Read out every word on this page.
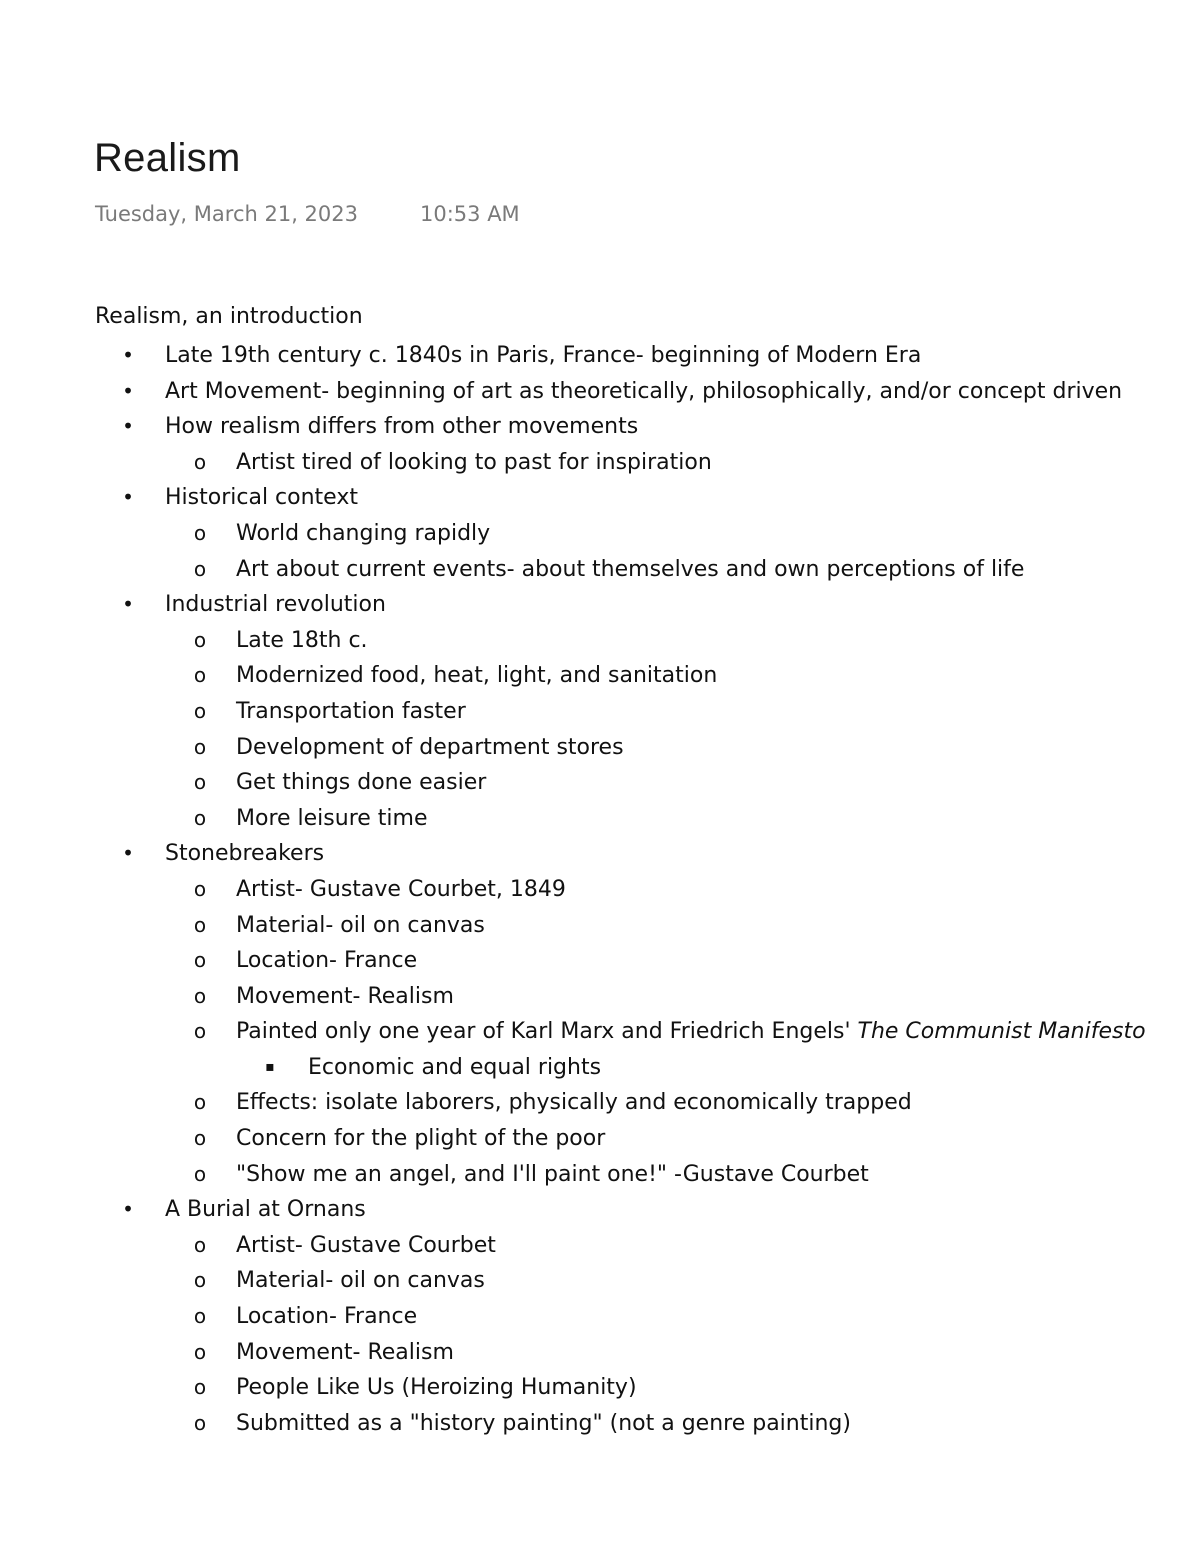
Realism
Tuesday, March 21, 2023	10:53 AM
Realism, an introduction
•
Late 19th century c. 1840s in Paris, France- beginning of Modern Era
•
Art Movement- beginning of art as theoretically, philosophically, and/or concept driven
•
How realism differs from other movements
o
Artist tired of looking to past for inspiration
•
Historical context
o
World changing rapidly
o
Art about current events- about themselves and own perceptions of life
•
Industrial revolution
o
Late 18th c.
o
Modernized food, heat, light, and sanitation
o
Transportation faster
o
Development of department stores
o
Get things done easier
o
More leisure time
•
Stonebreakers
o
Artist- Gustave Courbet, 1849
o
Material- oil on canvas
o
Location- France
o
Movement- Realism
o
Painted only one year of Karl Marx and Friedrich Engels' The Communist Manifesto
▪
Economic and equal rights
o
Effects: isolate laborers, physically and economically trapped
o
Concern for the plight of the poor
o
"Show me an angel, and I'll paint one!" -Gustave Courbet
•
A Burial at Ornans
o
Artist- Gustave Courbet
o
Material- oil on canvas
o
Location- France
o
Movement- Realism
o
People Like Us (Heroizing Humanity)
o
Submitted as a "history painting" (not a genre painting)
